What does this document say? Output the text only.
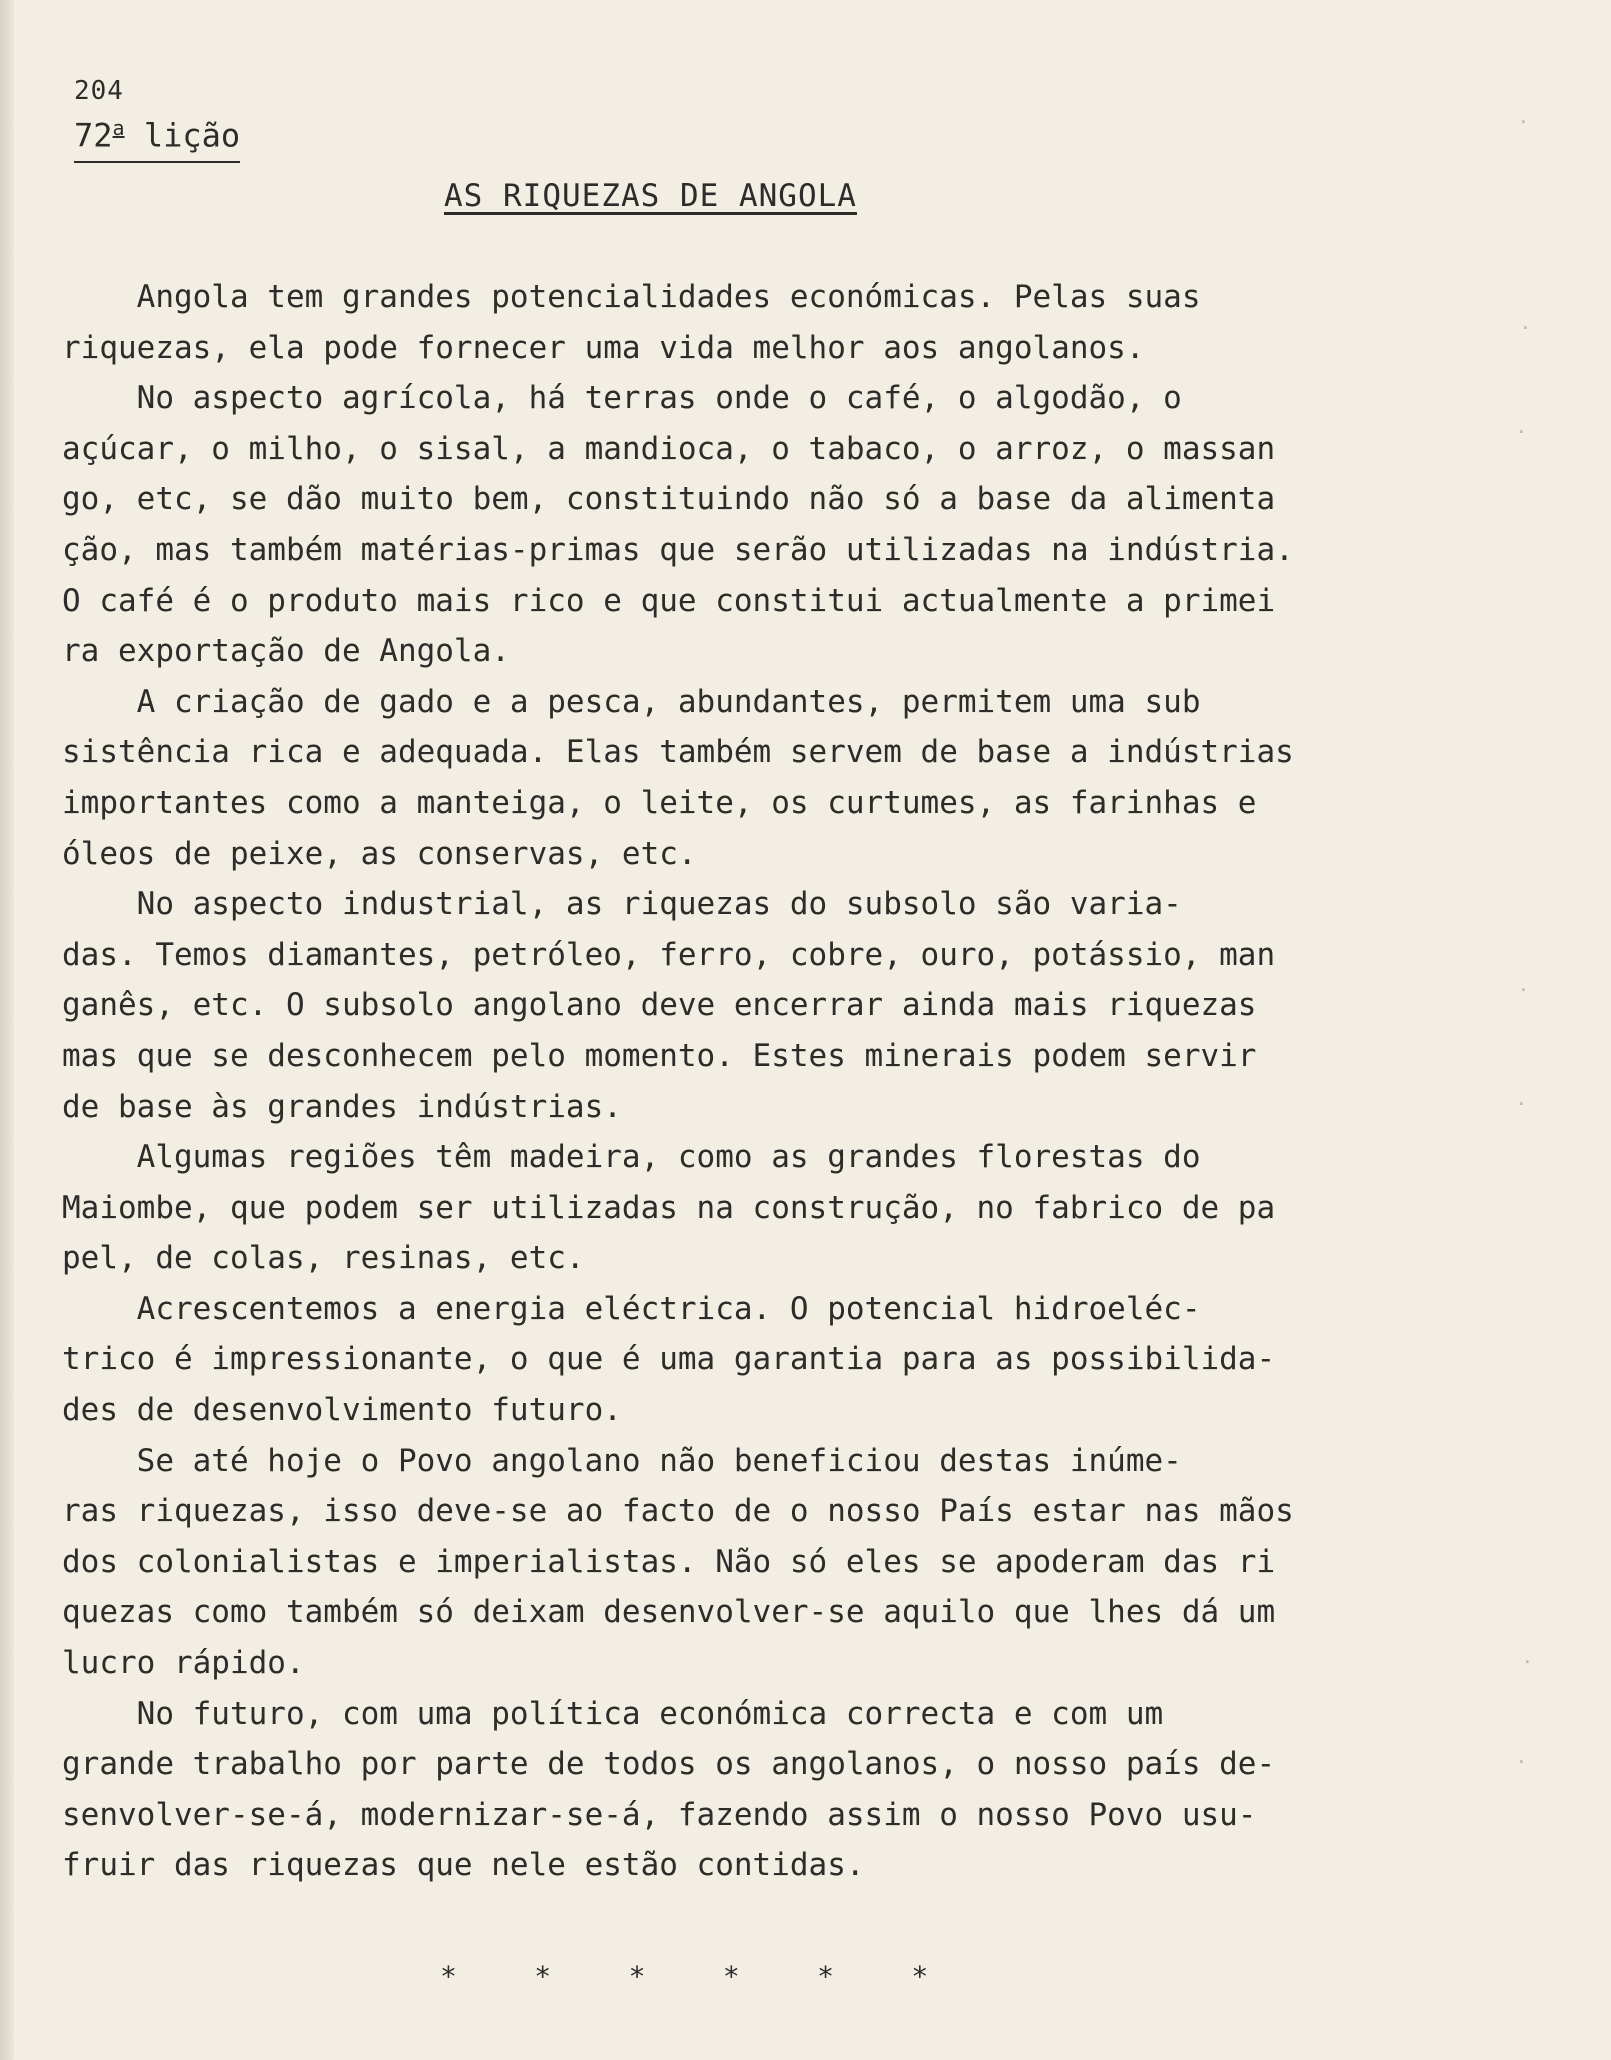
204
72$^a$ lição
AS RIQUEZAS DE ANGOLA
Angola tem grandes potencialidades económicas. Pelas suas
riquezas, ela pode fornecer uma vida melhor aos angolanos.
No aspecto agrícola, há terras onde o café, o algodão, o
açúcar, o milho, o sisal, a mandioca, o tabaco, o arroz, o massan
go, etc, se dão muito bem, constituindo não só a base da alimenta
ção, mas também matérias-primas que serão utilizadas na indústria.
O café é o produto mais rico e que constitui actualmente a primei
ra exportação de Angola.
A criação de gado e a pesca, abundantes, permitem uma sub
sistência rica e adequada. Elas também servem de base a indústrias
importantes como a manteiga, o leite, os curtumes, as farinhas e
óleos de peixe, as conservas, etc.
No aspecto industrial, as riquezas do subsolo são varia-
das. Temos diamantes, petróleo, ferro, cobre, ouro, potássio, man
ganês, etc. O subsolo angolano deve encerrar ainda mais riquezas
mas que se desconhecem pelo momento. Estes minerais podem servir
de base às grandes indústrias.
Algumas regiões têm madeira, como as grandes florestas do
Maiombe, que podem ser utilizadas na construção, no fabrico de pa
pel, de colas, resinas, etc.
Acrescentemos a energia eléctrica. O potencial hidroeléc-
trico é impressionante, o que é uma garantia para as possibilida-
des de desenvolvimento futuro.
Se até hoje o Povo angolano não beneficiou destas inúme-
ras riquezas, isso deve-se ao facto de o nosso País estar nas mãos
dos colonialistas e imperialistas. Não só eles se apoderam das ri
quezas como também só deixam desenvolver-se aquilo que lhes dá um
lucro rápido.
No futuro, com uma política económica correcta e com um
grande trabalho por parte de todos os angolanos, o nosso país de-
senvolver-se-á, modernizar-se-á, fazendo assim o nosso Povo usu-
fruir das riquezas que nele estão contidas.
*    *    *    *    *    *
·
·
·
·
·
·
·
